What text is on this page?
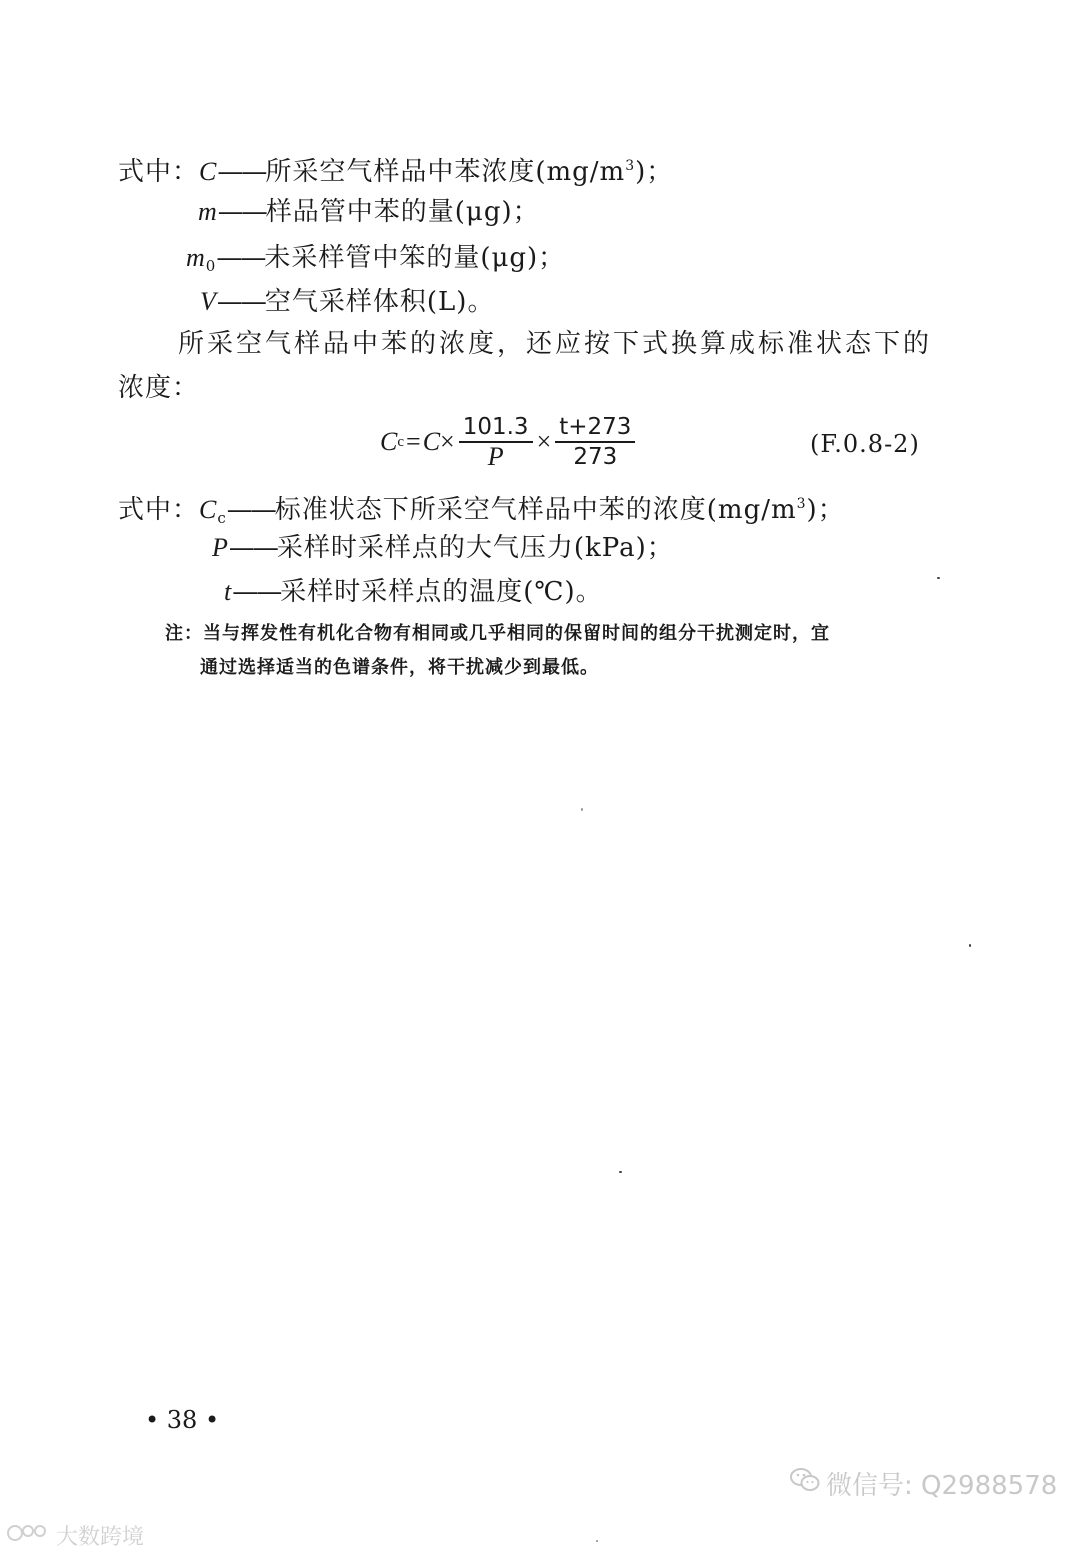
式中：C——所采空气样品中苯浓度$(mg/m^3)$；
m——样品管中苯的量(μg)；
$m_0——$未采样管中笨的量(μg)；
V——空气采样体积(L)。
所采空气样品中苯的浓度，还应按下式换算成标准状态下的
浓度：
C $c = C \times \frac{101.3}{P} \times \frac{t+273}{273}$	(F.0.8-2)
式中：$C_c——$标准状态下所采空气样品中苯的浓度$(mg/m^3)$；
P——采样时采样点的大气压力(kPa)；
t——采样时采样点的温度(℃)。
注：当与挥发性有机化合物有相同或几乎相同的保留时间的组分干扰测定时，宜
通过选择适当的色谱条件，将干扰减少到最低。
• 38 •
微信号: Q2988578
大数跨境
